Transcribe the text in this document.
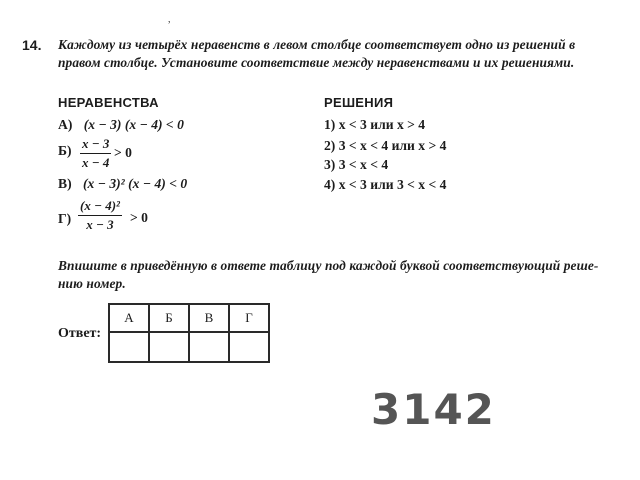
,
14. Каждому из четырёх неравенств в левом столбце соответствует одно из решений в
правом столбце. Установите соответствие между неравенствами и их решениями.
НЕРАВЕНСТВА
А) (x − 3) (x − 4) < 0
Б) x − 3
x − 4
> 0
В) (x − 3)² (x − 4) < 0
Г)
(x − 4)²
x − 3	> 0
РЕШЕНИЯ
1) x < 3 или x > 4
2) 3 < x < 4 или x > 4
3) 3 < x < 4
4) x < 3 или 3 < x < 4
Впишите в приведённую в ответе таблицу под каждой буквой соответствующий реше-
нию номер.
Ответ:
А	Б	В	Г

3142
